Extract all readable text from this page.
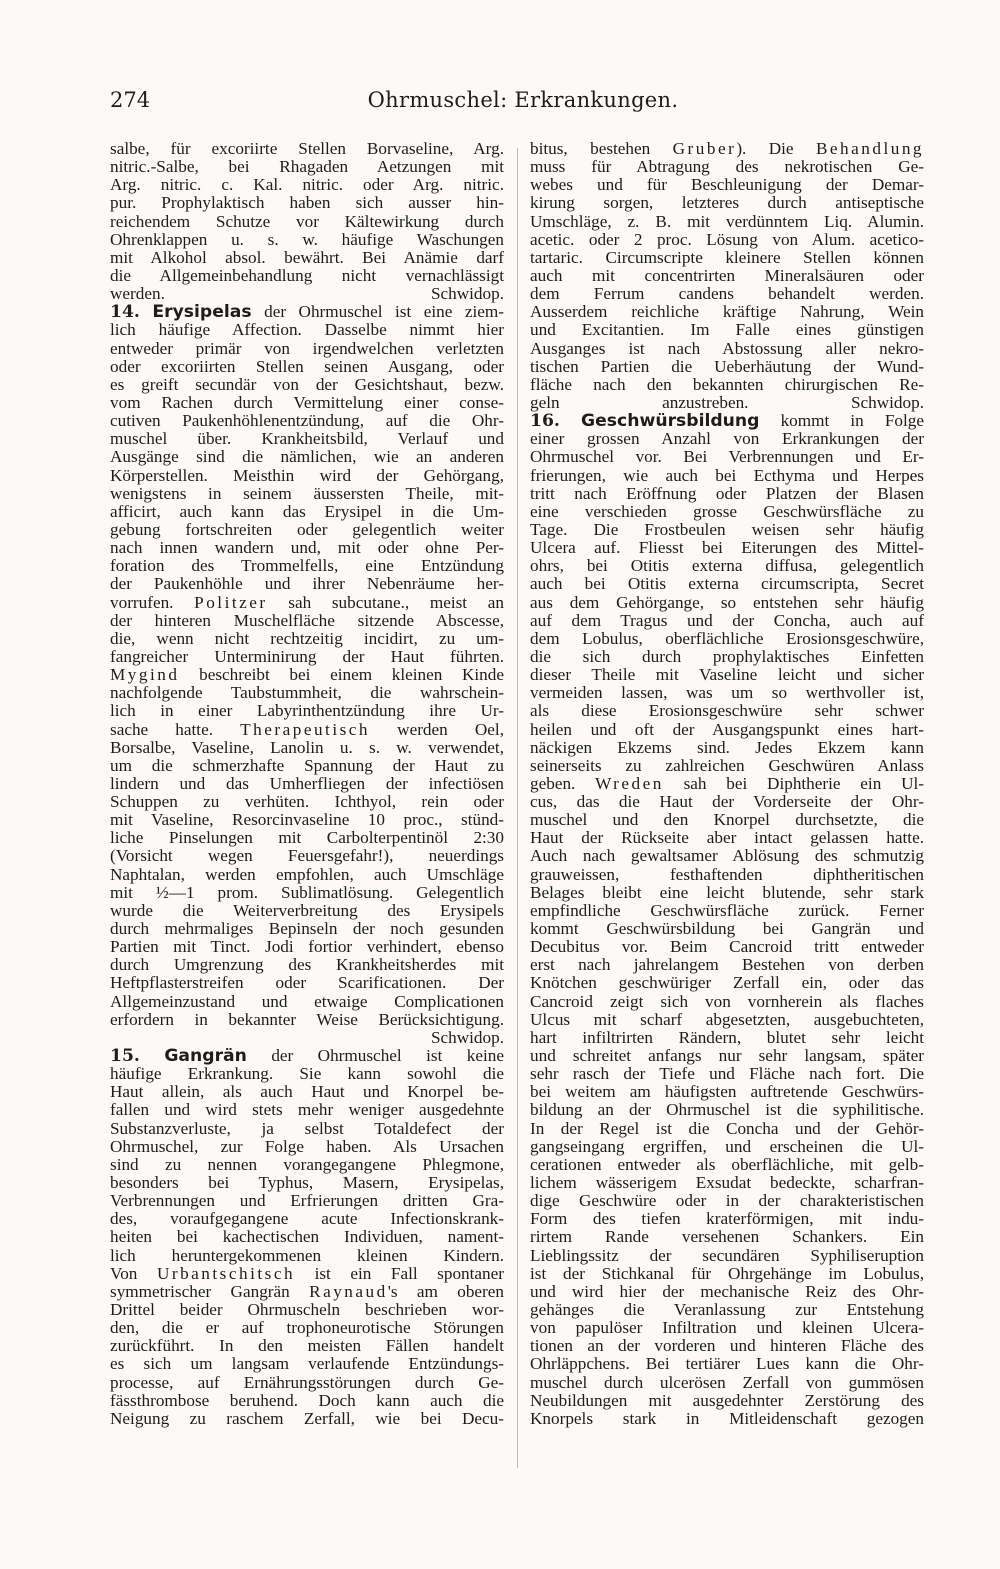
274	Ohrmuschel: Erkrankungen.
salbe, für excoriirte Stellen Borvaseline, Arg.
nitric.-Salbe, bei Rhagaden Aetzungen mit
Arg. nitric. c. Kal. nitric. oder Arg. nitric.
pur. Prophylaktisch haben sich ausser hin-
reichendem Schutze vor Kältewirkung durch
Ohrenklappen u. s. w. häufige Waschungen
mit Alkohol absol. bewährt. Bei Anämie darf
die Allgemeinbehandlung nicht vernachlässigt
werden. Schwidop.
14. Erysipelas der Ohrmuschel ist eine ziem-
lich häufige Affection. Dasselbe nimmt hier
entweder primär von irgendwelchen verletzten
oder excoriirten Stellen seinen Ausgang, oder
es greift secundär von der Gesichtshaut, bezw.
vom Rachen durch Vermittelung einer conse-
cutiven Paukenhöhlenentzündung, auf die Ohr-
muschel über. Krankheitsbild, Verlauf und
Ausgänge sind die nämlichen, wie an anderen
Körperstellen. Meisthin wird der Gehörgang,
wenigstens in seinem äussersten Theile, mit-
afficirt, auch kann das Erysipel in die Um-
gebung fortschreiten oder gelegentlich weiter
nach innen wandern und, mit oder ohne Per-
foration des Trommelfells, eine Entzündung
der Paukenhöhle und ihrer Nebenräume her-
vorrufen. Politzer sah subcutane., meist an
der hinteren Muschelfläche sitzende Abscesse,
die, wenn nicht rechtzeitig incidirt, zu um-
fangreicher Unterminirung der Haut führten.
Mygind beschreibt bei einem kleinen Kinde
nachfolgende Taubstummheit, die wahrschein-
lich in einer Labyrinthentzündung ihre Ur-
sache hatte. Therapeutisch werden Oel,
Borsalbe, Vaseline, Lanolin u. s. w. verwendet,
um die schmerzhafte Spannung der Haut zu
lindern und das Umherfliegen der infectiösen
Schuppen zu verhüten. Ichthyol, rein oder
mit Vaseline, Resorcinvaseline 10 proc., stünd-
liche Pinselungen mit Carbolterpentinöl 2:30
(Vorsicht wegen Feuersgefahr!), neuerdings
Naphtalan, werden empfohlen, auch Umschläge
mit ½—1 prom. Sublimatlösung. Gelegentlich
wurde die Weiterverbreitung des Erysipels
durch mehrmaliges Bepinseln der noch gesunden
Partien mit Tinct. Jodi fortior verhindert, ebenso
durch Umgrenzung des Krankheitsherdes mit
Heftpflasterstreifen oder Scarificationen. Der
Allgemeinzustand und etwaige Complicationen
erfordern in bekannter Weise Berücksichtigung.
Schwidop.
15. Gangrän der Ohrmuschel ist keine
häufige Erkrankung. Sie kann sowohl die
Haut allein, als auch Haut und Knorpel be-
fallen und wird stets mehr weniger ausgedehnte
Substanzverluste, ja selbst Totaldefect der
Ohrmuschel, zur Folge haben. Als Ursachen
sind zu nennen vorangegangene Phlegmone,
besonders bei Typhus, Masern, Erysipelas,
Verbrennungen und Erfrierungen dritten Gra-
des, voraufgegangene acute Infectionskrank-
heiten bei kachectischen Individuen, nament-
lich heruntergekommenen kleinen Kindern.
Von Urbantschitsch ist ein Fall spontaner
symmetrischer Gangrän Raynaud's am oberen
Drittel beider Ohrmuscheln beschrieben wor-
den, die er auf trophoneurotische Störungen
zurückführt. In den meisten Fällen handelt
es sich um langsam verlaufende Entzündungs-
processe, auf Ernährungsstörungen durch Ge-
fässthrombose beruhend. Doch kann auch die
Neigung zu raschem Zerfall, wie bei Decu-
bitus, bestehen Gruber). Die Behandlung
muss für Abtragung des nekrotischen Ge-
webes und für Beschleunigung der Demar-
kirung sorgen, letzteres durch antiseptische
Umschläge, z. B. mit verdünntem Liq. Alumin.
acetic. oder 2 proc. Lösung von Alum. acetico-
tartaric. Circumscripte kleinere Stellen können
auch mit concentrirten Mineralsäuren oder
dem Ferrum candens behandelt werden.
Ausserdem reichliche kräftige Nahrung, Wein
und Excitantien. Im Falle eines günstigen
Ausganges ist nach Abstossung aller nekro-
tischen Partien die Ueberhäutung der Wund-
fläche nach den bekannten chirurgischen Re-
geln anzustreben. Schwidop.
16. Geschwürsbildung kommt in Folge
einer grossen Anzahl von Erkrankungen der
Ohrmuschel vor. Bei Verbrennungen und Er-
frierungen, wie auch bei Ecthyma und Herpes
tritt nach Eröffnung oder Platzen der Blasen
eine verschieden grosse Geschwürsfläche zu
Tage. Die Frostbeulen weisen sehr häufig
Ulcera auf. Fliesst bei Eiterungen des Mittel-
ohrs, bei Otitis externa diffusa, gelegentlich
auch bei Otitis externa circumscripta, Secret
aus dem Gehörgange, so entstehen sehr häufig
auf dem Tragus und der Concha, auch auf
dem Lobulus, oberflächliche Erosionsgeschwüre,
die sich durch prophylaktisches Einfetten
dieser Theile mit Vaseline leicht und sicher
vermeiden lassen, was um so werthvoller ist,
als diese Erosionsgeschwüre sehr schwer
heilen und oft der Ausgangspunkt eines hart-
näckigen Ekzems sind. Jedes Ekzem kann
seinerseits zu zahlreichen Geschwüren Anlass
geben. Wreden sah bei Diphtherie ein Ul-
cus, das die Haut der Vorderseite der Ohr-
muschel und den Knorpel durchsetzte, die
Haut der Rückseite aber intact gelassen hatte.
Auch nach gewaltsamer Ablösung des schmutzig
grauweissen, festhaftenden diphtheritischen
Belages bleibt eine leicht blutende, sehr stark
empfindliche Geschwürsfläche zurück. Ferner
kommt Geschwürsbildung bei Gangrän und
Decubitus vor. Beim Cancroid tritt entweder
erst nach jahrelangem Bestehen von derben
Knötchen geschwüriger Zerfall ein, oder das
Cancroid zeigt sich von vornherein als flaches
Ulcus mit scharf abgesetzten, ausgebuchteten,
hart infiltrirten Rändern, blutet sehr leicht
und schreitet anfangs nur sehr langsam, später
sehr rasch der Tiefe und Fläche nach fort. Die
bei weitem am häufigsten auftretende Geschwürs-
bildung an der Ohrmuschel ist die syphilitische.
In der Regel ist die Concha und der Gehör-
gangseingang ergriffen, und erscheinen die Ul-
cerationen entweder als oberflächliche, mit gelb-
lichem wässerigem Exsudat bedeckte, scharfran-
dige Geschwüre oder in der charakteristischen
Form des tiefen kraterförmigen, mit indu-
rirtem Rande versehenen Schankers. Ein
Lieblingssitz der secundären Syphiliseruption
ist der Stichkanal für Ohrgehänge im Lobulus,
und wird hier der mechanische Reiz des Ohr-
gehänges die Veranlassung zur Entstehung
von papulöser Infiltration und kleinen Ulcera-
tionen an der vorderen und hinteren Fläche des
Ohrläppchens. Bei tertiärer Lues kann die Ohr-
muschel durch ulcerösen Zerfall von gummösen
Neubildungen mit ausgedehnter Zerstörung des
Knorpels stark in Mitleidenschaft gezogen
